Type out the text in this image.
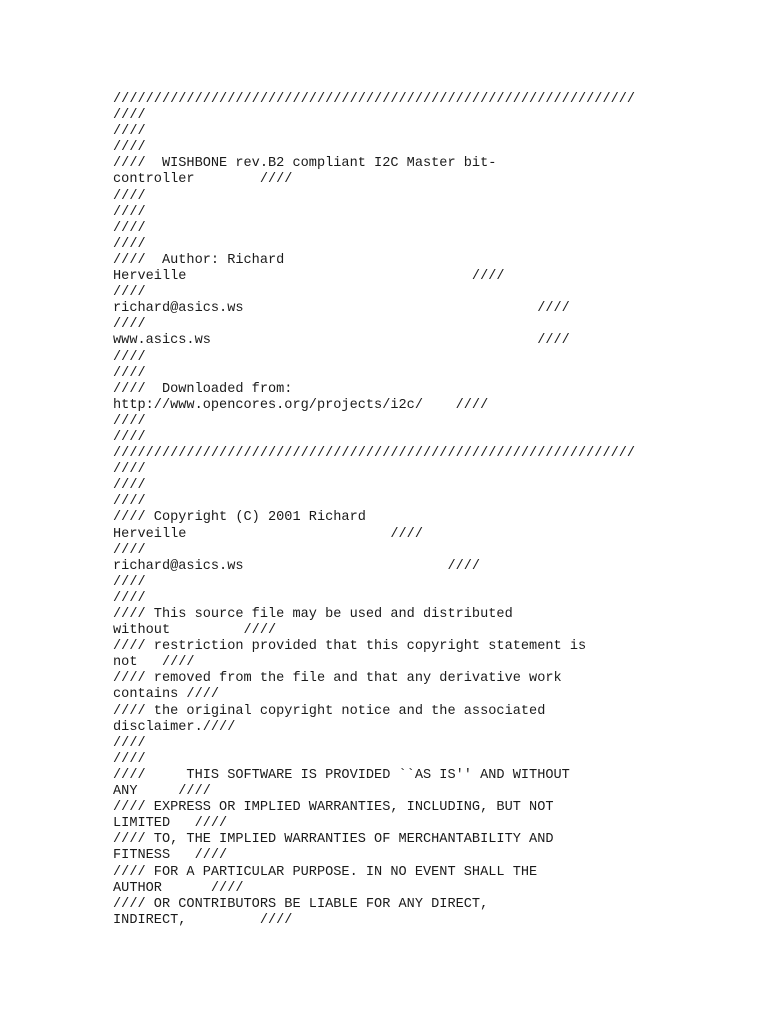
////////////////////////////////////////////////////////////////
////
////
////
////  WISHBONE rev.B2 compliant I2C Master bit-
controller        ////
////
////
////
////
////  Author: Richard
Herveille                                   ////
////
richard@asics.ws                                    ////
////
www.asics.ws                                        ////
////
////
////  Downloaded from:
http://www.opencores.org/projects/i2c/    ////
////
////
////////////////////////////////////////////////////////////////
////
////
////
//// Copyright (C) 2001 Richard
Herveille                         ////
////
richard@asics.ws                         ////
////
////
//// This source file may be used and distributed
without         ////
//// restriction provided that this copyright statement is
not   ////
//// removed from the file and that any derivative work
contains ////
//// the original copyright notice and the associated
disclaimer.////
////
////
////     THIS SOFTWARE IS PROVIDED ``AS IS'' AND WITHOUT
ANY     ////
//// EXPRESS OR IMPLIED WARRANTIES, INCLUDING, BUT NOT
LIMITED   ////
//// TO, THE IMPLIED WARRANTIES OF MERCHANTABILITY AND
FITNESS   ////
//// FOR A PARTICULAR PURPOSE. IN NO EVENT SHALL THE
AUTHOR      ////
//// OR CONTRIBUTORS BE LIABLE FOR ANY DIRECT,
INDIRECT,         ////
